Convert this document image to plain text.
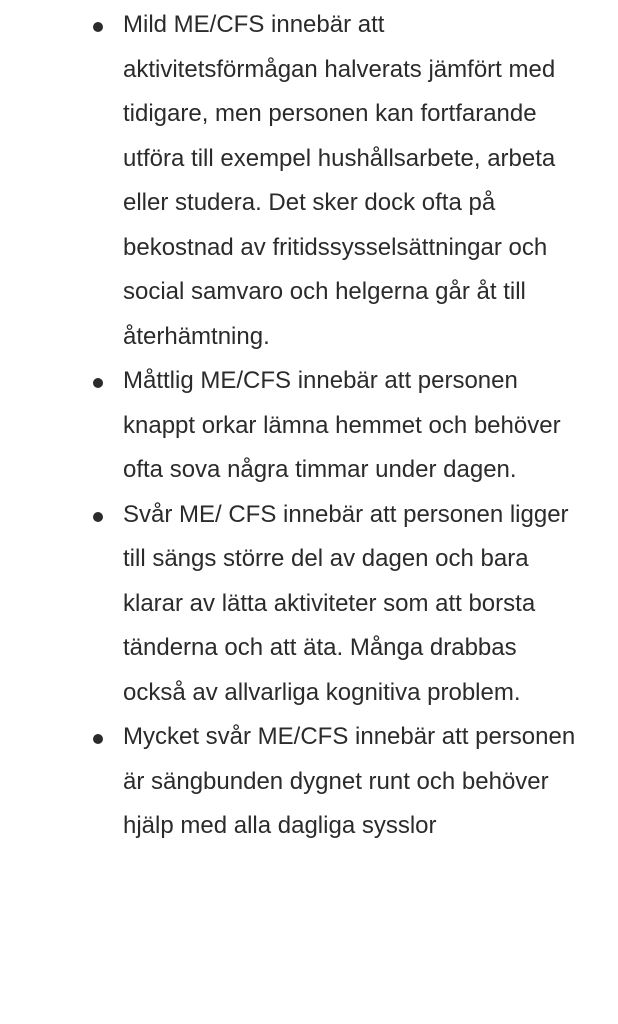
Mild ME/CFS innebär att aktivitetsförmågan halverats jämfört med tidigare, men personen kan fortfarande utföra till exempel hushållsarbete, arbeta eller studera. Det sker dock ofta på bekostnad av fritidssysselsättningar och social samvaro och helgerna går åt till återhämtning.
Måttlig ME/CFS innebär att personen knappt orkar lämna hemmet och behöver ofta sova några timmar under dagen.
Svår ME/ CFS innebär att personen ligger till sängs större del av dagen och bara klarar av lätta aktiviteter som att borsta tänderna och att äta. Många drabbas också av allvarliga kognitiva problem.
Mycket svår ME/CFS innebär att personen är sängbunden dygnet runt och behöver hjälp med alla dagliga sysslor
